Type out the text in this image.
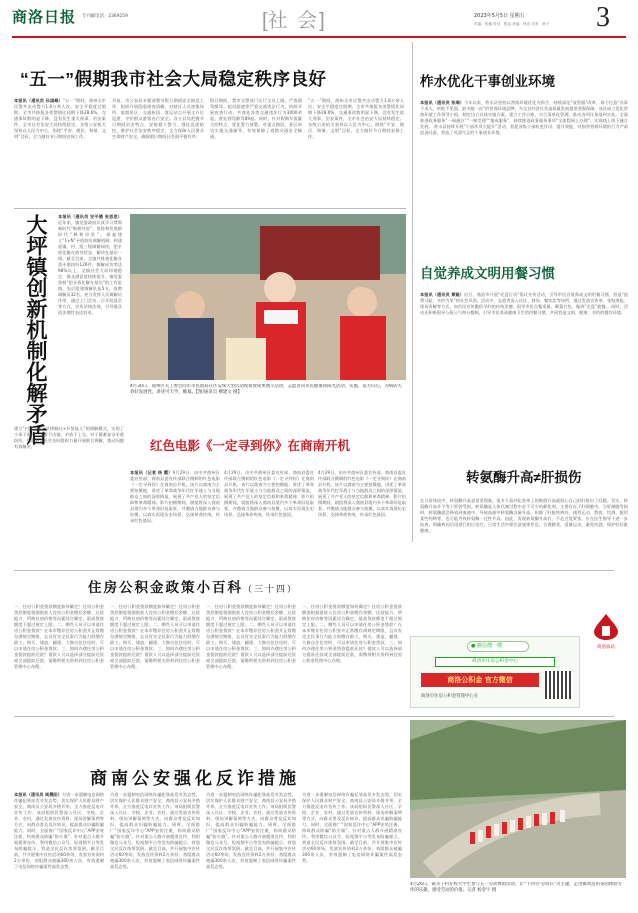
商洛日报 专刊邮电话：2369259	[社 会]	2023年5月5日 星期五
责编：张璐 校对：焦蕊 美编：杨光 印务：章子 3
“五一”假期我市社会大局稳定秩序良好
本报讯（通讯员 孙国峰）“五一”期间，商州全市民警共出动警力1.8万余人次，安全平稳度过假期。全市共接报各类警情比同期下降28.6%，交通事故数明显下降，没有发生重大刑事、治安案件，全市社会治安大局持续稳定。各级公安机关坚持以人民为中心，围绕“平安、便民、和谐、文明”目标，全力做好节日期间安保工作。
节前，市公安局专题部署节假日期间安全防范工作，组织开展隐患排查清剿，对辖区人员密集场所、旅游景区、交通枢纽、客运站点开展全方位巡逻，守护群众游客出行安全。各分县局把握节日期间治安特点，安排精干警力，强化巡逻防控，维护社会治安秩序稳定，全力保障人民群众生命财产安全，确保假日期间社会面平稳有序。
假日期间，我市交警部门实行全员上路，严查酒驾醉驾、超员超速等严重交通违法行为，持续开展夜查行动，共查处各类交通违法行为3000余起，查处酒驾醉驾89起。同时，针对假期车流量大的特点，优化警力部署，对重点路段、景区周边实施交通疏导，有效保障了道路交通安全畅通。
“五一”期间，商州全市民警共出动警力1.8万余人次，安全平稳度过假期。全市共接报各类警情比同期下降28.6%，交通事故数明显下降，没有发生重大刑事、治安案件，全市社会治安大局持续稳定。各级公安机关坚持以人民为中心，围绕“平安、便民、和谐、文明”目标，全力做好节日期间安保工作。
大坪镇创新机制化解矛盾	本报讯（通讯员 安平德 张思思）近年来，镇党委政府认真学习贯彻新时代“枫桥经验”，坚持和发展新时代“枫桥经验”，探索建立“1+N”矛盾纠纷调解机制，构建起镇、村、组三级调解网络，把矛盾化解在萌芽状态、解决在基层一线。截至目前，全镇共排查化解各类矛盾纠纷126件，调解成功率达98%以上，全镇社会大局和谐稳定，群众满意度持续提升。镇党委坚持“把矛盾化解在基层”的工作思路，先后组建调解队伍5支，选聘调解员32名，充分发挥人民调解员作用，通过上门走访、召开院落会等方式，宣传法律法规，引导群众依法理性表达诉求。
建立“村组干部+法律顾问+乡贤能人”的调解模式，实现了小事不出村、大事不出镇、矛盾不上交。对于疑难复杂矛盾纠纷，镇调解委员会及时组织力量开展联合调解，推动问题有效解决。
4月30日，商州区关工委会同市市民政局在区安保大型活动现场放成果展示活动，志愿者向市民健康和阳光活动，实施、发方向心，为病防失效好发展性，讲述可大学，帷幕。【图/通讯员 柳建文 摄】
红色电影《一定寻到你》在商南开机
本报讯（记者 杨 霞）4月29日，由中共商州区委宣传部、商南县委宣传部联合摄制的红色电影《一定寻到你》在商南县开机。该片以商南为主要拍摄地，讲述了革命战争年代红军战士与当地群众之间的深厚情谊，展现了共产党人的坚定信仰和革命精神。影片拍摄期间，剧组将深入商南县境内多个革命旧址取景，并邀请当地群众参与拍摄，以真实再现历史场景，弘扬革命传统，传承红色基因。
4月29日，由中共商州区委宣传部、商南县委宣传部联合摄制的红色电影《一定寻到你》在商南县开机。该片以商南为主要拍摄地，讲述了革命战争年代红军战士与当地群众之间的深厚情谊，展现了共产党人的坚定信仰和革命精神。影片拍摄期间，剧组将深入商南县境内多个革命旧址取景，并邀请当地群众参与拍摄，以真实再现历史场景，弘扬革命传统，传承红色基因。
4月29日，由中共商州区委宣传部、商南县委宣传部联合摄制的红色电影《一定寻到你》在商南县开机。该片以商南为主要拍摄地，讲述了革命战争年代红军战士与当地群众之间的深厚情谊，展现了共产党人的坚定信仰和革命精神。影片拍摄期间，剧组将深入商南县境内多个革命旧址取景，并邀请当地群众参与拍摄，以真实再现历史场景，弘扬革命传统，传承红色基因。
柞水优化干事创业环境
本报讯（通讯员 张瑞）今年以来，柞水县坚持以营商环境优化为抓手，持续深化“放管服”改革，着力打造“办事不求人、审批不见面、最多跑一次”的营商环境品牌，为全县经济社会高质量发展提供坚强保障。该县成立优化营商环境工作领导小组，制定出台具体实施方案，建立工作台账，实行清单化管理，推动各项任务落到实处。全面推进政务服务“一网通办”“一窗受理”“集成服务”，持续推进政务服务事项“全流程网上办理”，实现线上线下融合发展。 柞水县持续开展“干部作风大提升”活动，督促各级干部转变作风、提升效能，对损害营商环境的行为严肃追责问责，营造了风清气正的干事创业环境。
自觉养成文明用餐习惯
本报讯（通讯员 章魁）近日，商洛市开展“光盘行动”倡议宣传活动，引导市民自觉养成文明用餐习惯，营造“浪费可耻、节约为荣”的社会风尚。活动中，志愿者深入社区、商场、餐饮店等场所，通过发放宣传单、张贴海报、现场讲解等方式，向市民宣传勤俭节约的传统美德，倡导市民点餐适量、剩菜打包，做到“光盘”就餐。 同时，活动还积极倡导公筷公勺和分餐制，引导市民养成健康卫生的用餐习惯，共同营造文明、健康、节约的餐饮环境。
转氨酶升高≠肝损伤
在日常体检中，转氨酶升高是常见现象，很多人看到化验单上的数值升高就担心自己的肝脏出了问题。其实，转氨酶升高并不等于肝脏受损。转氨酶是人体代谢过程中必不可少的催化剂，主要存在于肝细胞中。当肝细胞受损时，转氨酶就会释放到血液中，导致血液中转氨酶含量升高。但除了肝脏疾病外，剧烈运动、熬夜、饮酒、服用某些药物等，也可能导致转氨酶一过性升高。因此，发现转氨酶升高后，不必过度紧张，应在医生指导下进一步检查，明确病因后再进行相应治疗。日常生活中要注意规律作息，合理膳食，适量运动，避免饮酒，保护好肝脏健康。
商洛血站
住房公积金政策小百科（三十四）
一、住房公积金贷款额度如何确定？住房公积金贷款额度根据借款人住房公积金缴存余额、还款能力、所购住房价格等因素综合确定，最高贷款额度不超过规定上限。二、哪些人员可以申请住房公积金贷款？在本市缴存住房公积金并正常缴存满规定期限，且具有完全民事行为能力的缴存职工，购买、建造、翻建、大修自住住房时，可以申请住房公积金贷款。三、如何办理住房公积金贷款提前还款？借款人可以选择部分提前还款或全部提前还款，需携带相关资料到住房公积金管理中心办理。
一、住房公积金贷款额度如何确定？住房公积金贷款额度根据借款人住房公积金缴存余额、还款能力、所购住房价格等因素综合确定，最高贷款额度不超过规定上限。二、哪些人员可以申请住房公积金贷款？在本市缴存住房公积金并正常缴存满规定期限，且具有完全民事行为能力的缴存职工，购买、建造、翻建、大修自住住房时，可以申请住房公积金贷款。三、如何办理住房公积金贷款提前还款？借款人可以选择部分提前还款或全部提前还款，需携带相关资料到住房公积金管理中心办理。
一、住房公积金贷款额度如何确定？住房公积金贷款额度根据借款人住房公积金缴存余额、还款能力、所购住房价格等因素综合确定，最高贷款额度不超过规定上限。二、哪些人员可以申请住房公积金贷款？在本市缴存住房公积金并正常缴存满规定期限，且具有完全民事行为能力的缴存职工，购买、建造、翻建、大修自住住房时，可以申请住房公积金贷款。三、如何办理住房公积金贷款提前还款？借款人可以选择部分提前还款或全部提前还款，需携带相关资料到住房公积金管理中心办理。
一、住房公积金贷款额度如何确定？住房公积金贷款额度根据借款人住房公积金缴存余额、还款能力、所购住房价格等因素综合确定，最高贷款额度不超过规定上限。二、哪些人员可以申请住房公积金贷款？在本市缴存住房公积金并正常缴存满规定期限，且具有完全民事行为能力的缴存职工，购买、建造、翻建、大修自住住房时，可以申请住房公积金贷款。三、如何办理住房公积金贷款提前还款？借款人可以选择部分提前还款或全部提前还款，需携带相关资料到住房公积金管理中心办理。
● 微信搜一搜
商洛市住房公积金中心
商洛公积金 官方微信
商洛市住房公积金管理中心宣
商南公安强化反诈措施
本报讯（通讯员 周晨阳）为进一步遏制电信网络诈骗犯罪高发多发态势，切实保护人民群众财产安全，商南县公安局多措并举，全力推进反电诈宣传工作。该局组织民警深入社区、学校、企业、农村，通过发放宣传资料、现场讲解案例等方式，向群众普及反诈知识，提高群众识骗防骗能力。同时，全面推广“国家反诈中心”APP安装注册，构筑群众防骗“防火墙”。针对重点人群开展精准宣传，利用微信公众号、短视频平台等发布防骗提示，营造全民反诈浓厚氛围。截至目前，共开展集中宣传活动60余场，发放宣传资料2万余份，劝阻群众被骗300余人次，有效遏制了电信网络诈骗案件高发态势。
为进一步遏制电信网络诈骗犯罪高发多发态势，切实保护人民群众财产安全，商南县公安局多措并举，全力推进反电诈宣传工作。该局组织民警深入社区、学校、企业、农村，通过发放宣传资料、现场讲解案例等方式，向群众普及反诈知识，提高群众识骗防骗能力。同时，全面推广“国家反诈中心”APP安装注册，构筑群众防骗“防火墙”。针对重点人群开展精准宣传，利用微信公众号、短视频平台等发布防骗提示，营造全民反诈浓厚氛围。截至目前，共开展集中宣传活动60余场，发放宣传资料2万余份，劝阻群众被骗300余人次，有效遏制了电信网络诈骗案件高发态势。
为进一步遏制电信网络诈骗犯罪高发多发态势，切实保护人民群众财产安全，商南县公安局多措并举，全力推进反电诈宣传工作。该局组织民警深入社区、学校、企业、农村，通过发放宣传资料、现场讲解案例等方式，向群众普及反诈知识，提高群众识骗防骗能力。同时，全面推广“国家反诈中心”APP安装注册，构筑群众防骗“防火墙”。针对重点人群开展精准宣传，利用微信公众号、短视频平台等发布防骗提示，营造全民反诈浓厚氛围。截至目前，共开展集中宣传活动60余场，发放宣传资料2万余份，劝阻群众被骗300余人次，有效遏制了电信网络诈骗案件高发态势。
为进一步遏制电信网络诈骗犯罪高发多发态势，切实保护人民群众财产安全，商南县公安局多措并举，全力推进反电诈宣传工作。该局组织民警深入社区、学校、企业、农村，通过发放宣传资料、现场讲解案例等方式，向群众普及反诈知识，提高群众识骗防骗能力。同时，全面推广“国家反诈中心”APP安装注册，构筑群众防骗“防火墙”。针对重点人群开展精准宣传，利用微信公众号、短视频平台等发布防骗提示，营造全民反诈浓厚氛围。截至目前，共开展集中宣传活动60余场，发放宣传资料2万余份，劝阻群众被骗300余人次，有效遏制了电信网络诈骗案件高发态势。
4月26日，镇关子村在校大学生参与五一劳动体验活动，让“干到劳·劳动在”为主题，走进镇周边的茶园体验劳作的乐趣，感受劳动的价值。记者 杨金宇 摄
